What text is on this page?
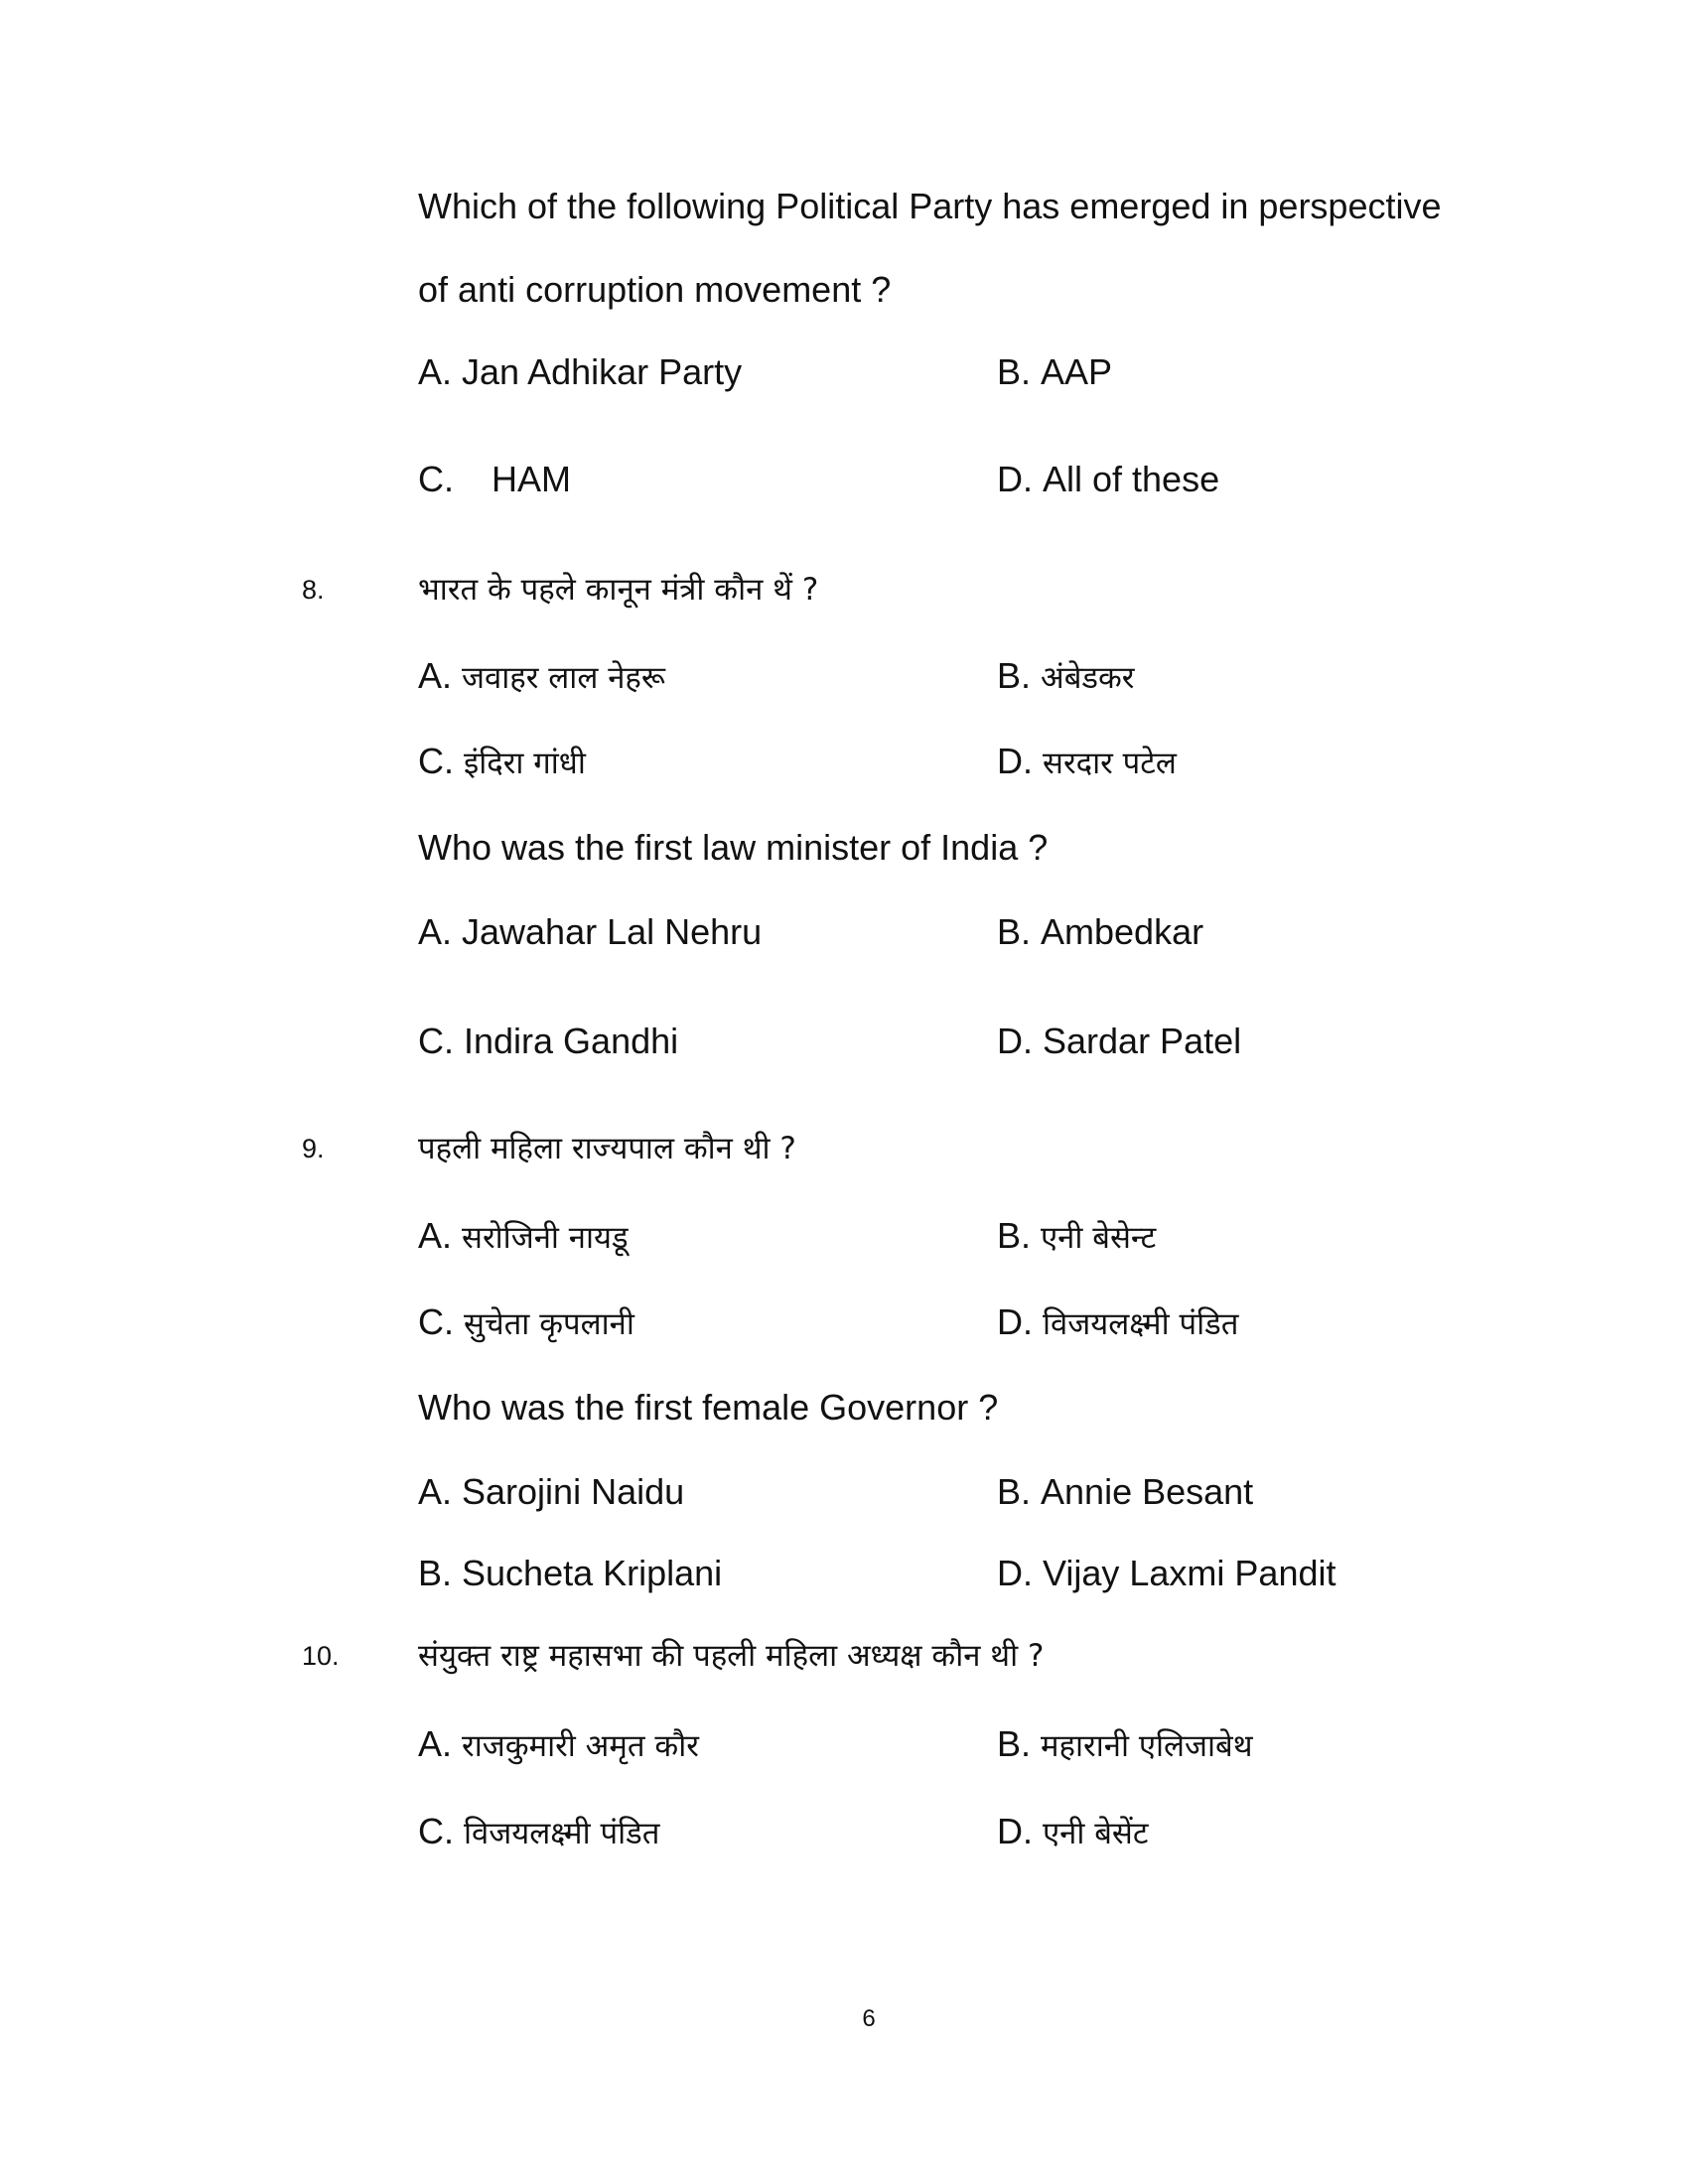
Which of the following Political Party has emerged in perspective
of anti corruption movement ?
A. Jan Adhikar Party	B. AAP
C. HAM	D. All of these
8.	भारत के पहले कानून मंत्री कौन थें ?
A. जवाहर लाल नेहरू	B. अंबेडकर
C. इंदिरा गांधी	D. सरदार पटेल
Who was the first law minister of India ?
A. Jawahar Lal Nehru	B. Ambedkar
C. Indira Gandhi	D. Sardar Patel
9.	पहली महिला राज्यपाल कौन थी ?
A. सरोजिनी नायडू	B. एनी बेसेन्ट
C. सुचेता कृपलानी	D. विजयलक्ष्मी पंडित
Who was the first female Governor ?
A. Sarojini Naidu	B. Annie Besant
B. Sucheta Kriplani	D. Vijay Laxmi Pandit
10.	संयुक्त राष्ट्र महासभा की पहली महिला अध्यक्ष कौन थी ?
A. राजकुमारी अमृत कौर	B. महारानी एलिजाबेथ
C. विजयलक्ष्मी पंडित	D. एनी बेसेंट
6
